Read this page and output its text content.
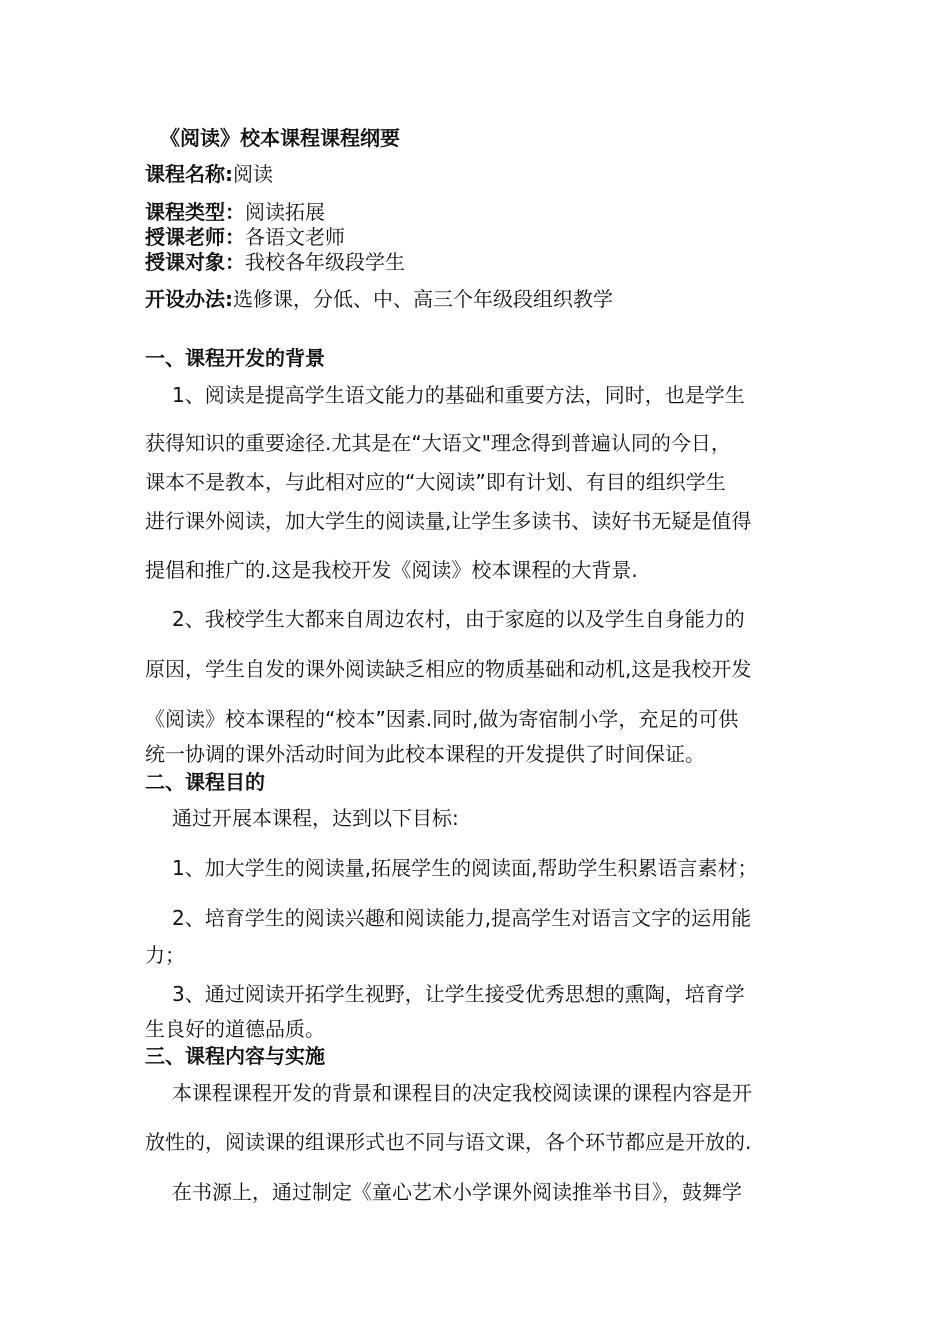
《阅读》校本课程课程纲要
课程名称:阅读
课程类型：阅读拓展
授课老师：各语文老师
授课对象：我校各年级段学生
开设办法:选修课，分低、中、高三个年级段组织教学
一、课程开发的背景
1、阅读是提高学生语文能力的基础和重要方法，同时，也是学生
获得知识的重要途径.尤其是在“大语文"理念得到普遍认同的今日，
课本不是教本，与此相对应的“大阅读”即有计划、有目的组织学生
进行课外阅读，加大学生的阅读量,让学生多读书、读好书无疑是值得
提倡和推广的.这是我校开发《阅读》校本课程的大背景.
2、我校学生大都来自周边农村，由于家庭的以及学生自身能力的
原因，学生自发的课外阅读缺乏相应的物质基础和动机,这是我校开发
《阅读》校本课程的“校本”因素.同时,做为寄宿制小学，充足的可供
统一协调的课外活动时间为此校本课程的开发提供了时间保证。
二、课程目的
通过开展本课程，达到以下目标:
1、加大学生的阅读量,拓展学生的阅读面,帮助学生积累语言素材；
2、培育学生的阅读兴趣和阅读能力,提高学生对语言文字的运用能
力；
3、通过阅读开拓学生视野，让学生接受优秀思想的熏陶，培育学
生良好的道德品质。
三、课程内容与实施
本课程课程开发的背景和课程目的决定我校阅读课的课程内容是开
放性的，阅读课的组课形式也不同与语文课，各个环节都应是开放的.
在书源上，通过制定《童心艺术小学课外阅读推举书目》，鼓舞学
